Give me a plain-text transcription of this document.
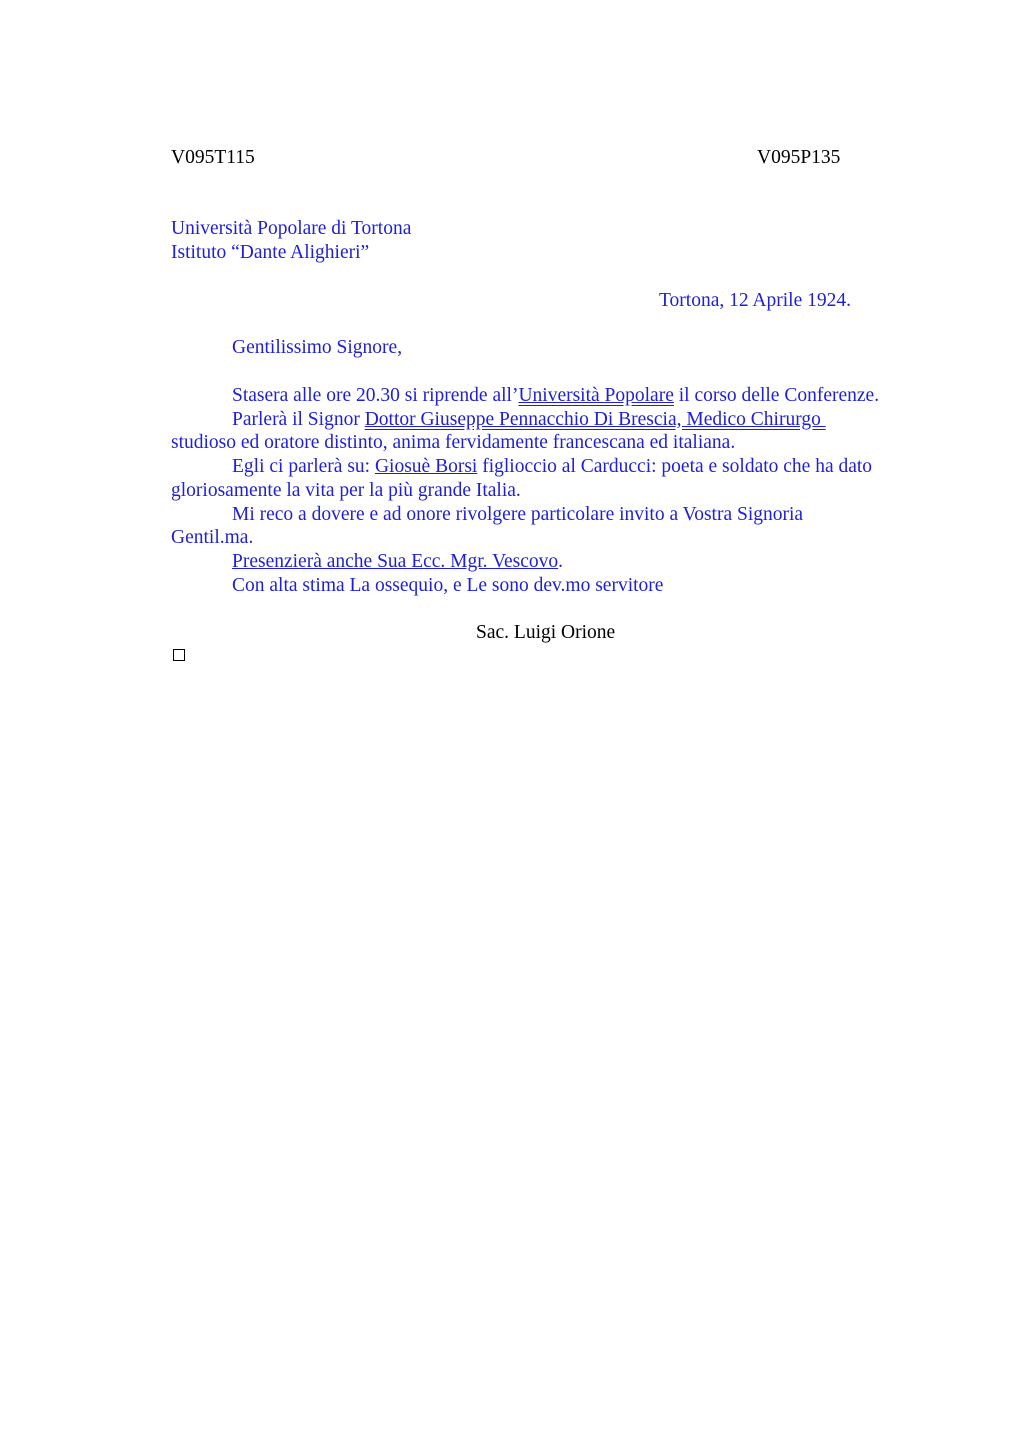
V095T115	V095P135
Università Popolare di Tortona
Istituto “Dante Alighieri”
Tortona, 12 Aprile 1924.
Gentilissimo Signore,

Stasera alle ore 20.30 si riprende all’Università Popolare il corso delle Conferenze.

Parlerà il Signor Dottor Giuseppe Pennacchio Di Brescia, Medico Chirurgo

studioso ed oratore distinto, anima fervidamente francescana ed italiana.

Egli ci parlerà su: Giosuè Borsi figlioccio al Carducci: poeta e soldato che ha dato

gloriosamente la vita per la più grande Italia.

Mi reco a dovere e ad onore rivolgere particolare invito a Vostra Signoria

Gentil.ma.

Presenzierà anche Sua Ecc. Mgr. Vescovo.

Con alta stima La ossequio, e Le sono dev.mo servitore

Sac. Luigi Orione
